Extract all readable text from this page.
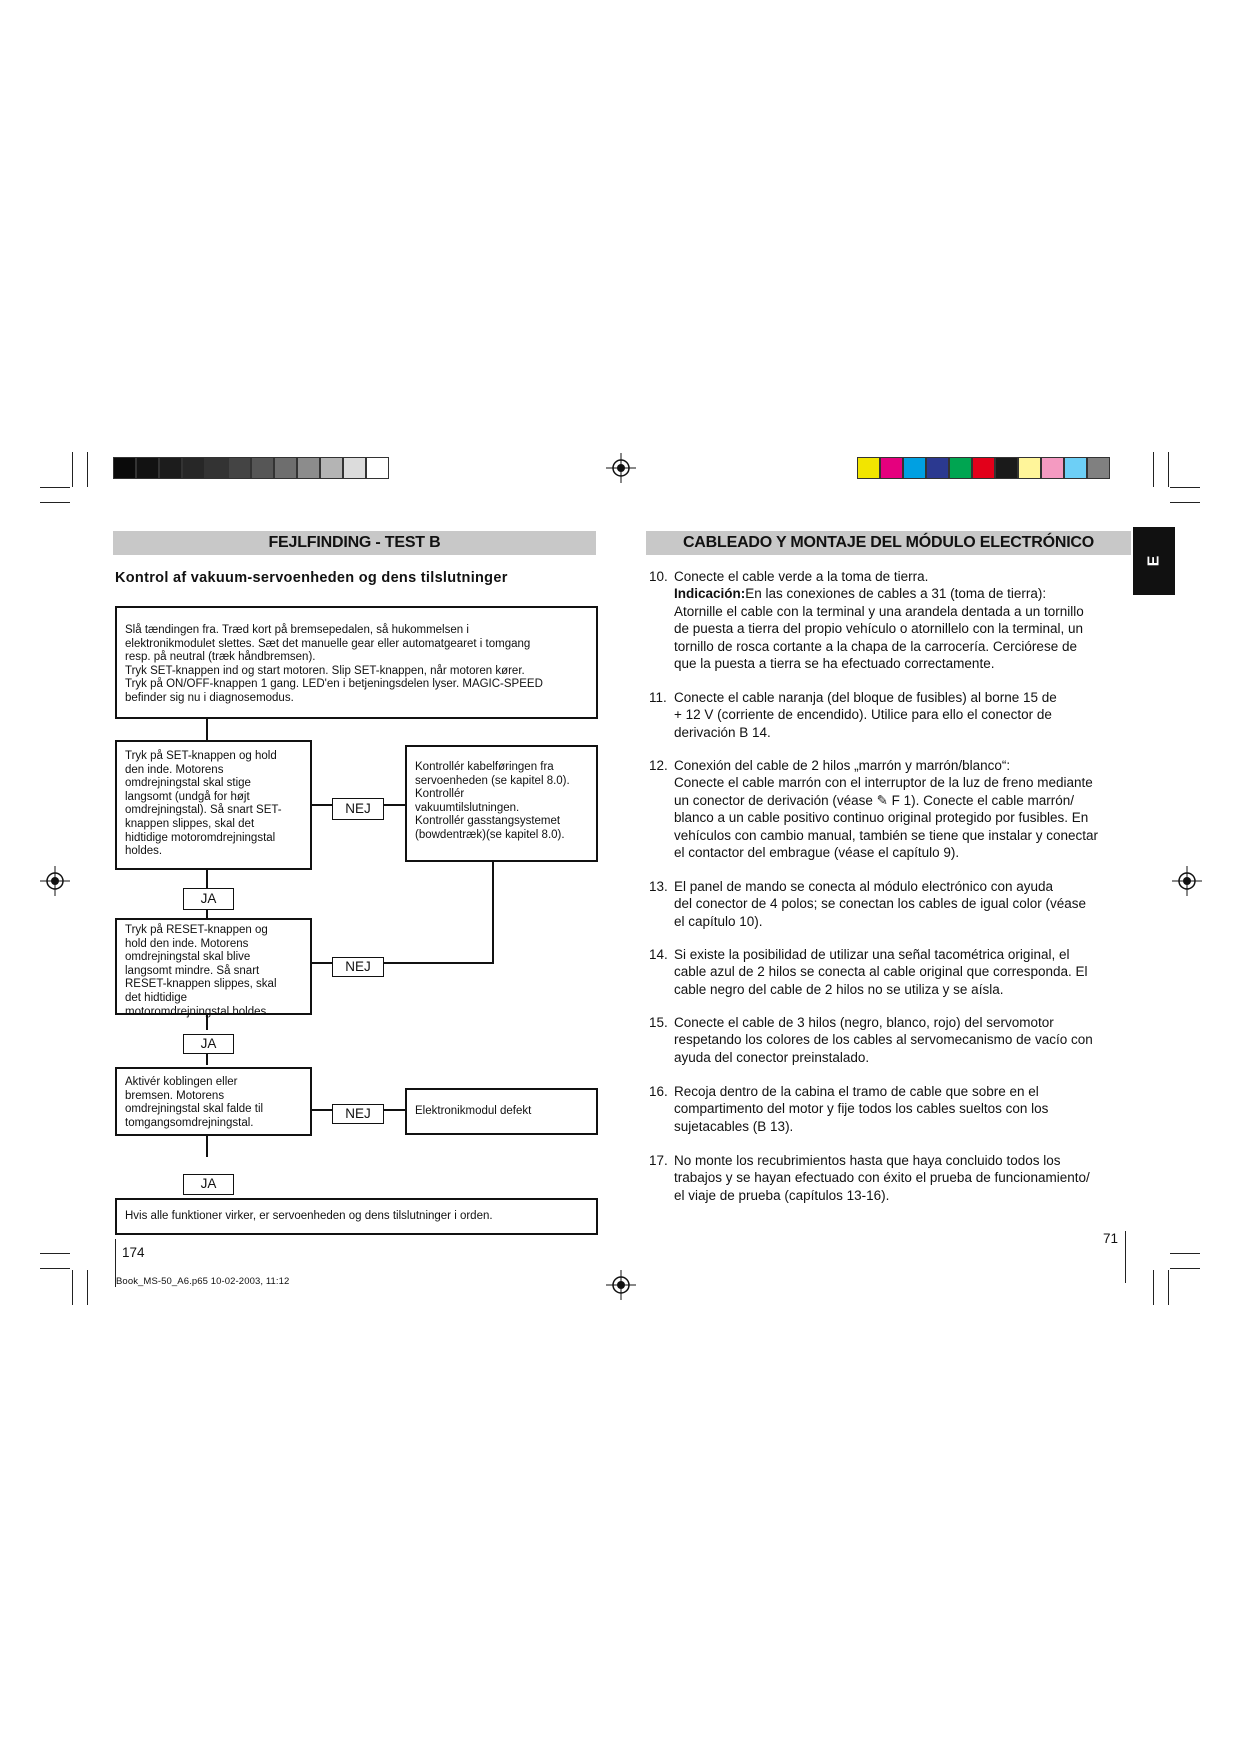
FEJLFINDING - TEST B
Kontrol af vakuum-servoenheden og dens tilslutninger
Slå tændingen fra. Træd kort på bremsepedalen, så hukommelsen i
elektronikmodulet slettes. Sæt det manuelle gear eller automatgearet i tomgang
resp. på neutral (træk håndbremsen).
Tryk SET-knappen ind og start motoren. Slip SET-knappen, når motoren kører.
Tryk på ON/OFF-knappen 1 gang. LED'en i betjeningsdelen lyser. MAGIC-SPEED
befinder sig nu i diagnosemodus.
Tryk på SET-knappen og hold
den inde. Motorens
omdrejningstal skal stige
langsomt (undgå for højt
omdrejningstal). Så snart SET-
knappen slippes, skal det
hidtidige motoromdrejningstal
holdes.
Kontrollér kabelføringen fra
servoenheden (se kapitel 8.0).
Kontrollér
vakuumtilslutningen.
Kontrollér gasstangsystemet
(bowdentræk)(se kapitel 8.0).
Tryk på RESET-knappen og
hold den inde. Motorens
omdrejningstal skal blive
langsomt mindre. Så snart
RESET-knappen slippes, skal
det hidtidige
motoromdrejningstal holdes.
Aktivér koblingen eller
bremsen. Motorens
omdrejningstal skal falde til
tomgangsomdrejningstal.
Elektronikmodul defekt
Hvis alle funktioner virker, er servoenheden og dens tilslutninger i orden.
JA
JA
JA
NEJ
NEJ
NEJ
174
Book_MS-50_A6.p65 10-02-2003, 11:12
CABLEADO Y MONTAJE DEL MÓDULO ELECTRÓNICO
E
10. Conecte el cable verde a la toma de tierra.
Indicación:En las conexiones de cables a 31 (toma de tierra):
Atornille el cable con la terminal y una arandela dentada a un tornillo
de puesta a tierra del propio vehículo o atornillelo con la terminal, un
tornillo de rosca cortante a la chapa de la carrocería. Cerciórese de
que la puesta a tierra se ha efectuado correctamente.
11. Conecte el cable naranja (del bloque de fusibles) al borne 15 de
+ 12 V (corriente de encendido). Utilice para ello el conector de
derivación B 14.
12. Conexión del cable de 2 hilos „marrón y marrón/blanco“:
Conecte el cable marrón con el interruptor de la luz de freno mediante
un conector de derivación (véase ✎ F 1). Conecte el cable marrón/
blanco a un cable positivo continuo original protegido por fusibles. En
vehículos con cambio manual, también se tiene que instalar y conectar
el contactor del embrague (véase el capítulo 9).
13. El panel de mando se conecta al módulo electrónico con ayuda
del conector de 4 polos; se conectan los cables de igual color (véase
el capítulo 10).
14. Si existe la posibilidad de utilizar una señal tacométrica original, el
cable azul de 2 hilos se conecta al cable original que corresponda. El
cable negro del cable de 2 hilos no se utiliza y se aísla.
15. Conecte el cable de 3 hilos (negro, blanco, rojo) del servomotor
respetando los colores de los cables al servomecanismo de vacío con
ayuda del conector preinstalado.
16. Recoja dentro de la cabina el tramo de cable que sobre en el
compartimento del motor y fije todos los cables sueltos con los
sujetacables (B 13).
17. No monte los recubrimientos hasta que haya concluido todos los
trabajos y se hayan efectuado con éxito el prueba de funcionamiento/
el viaje de prueba (capítulos 13-16).
71
